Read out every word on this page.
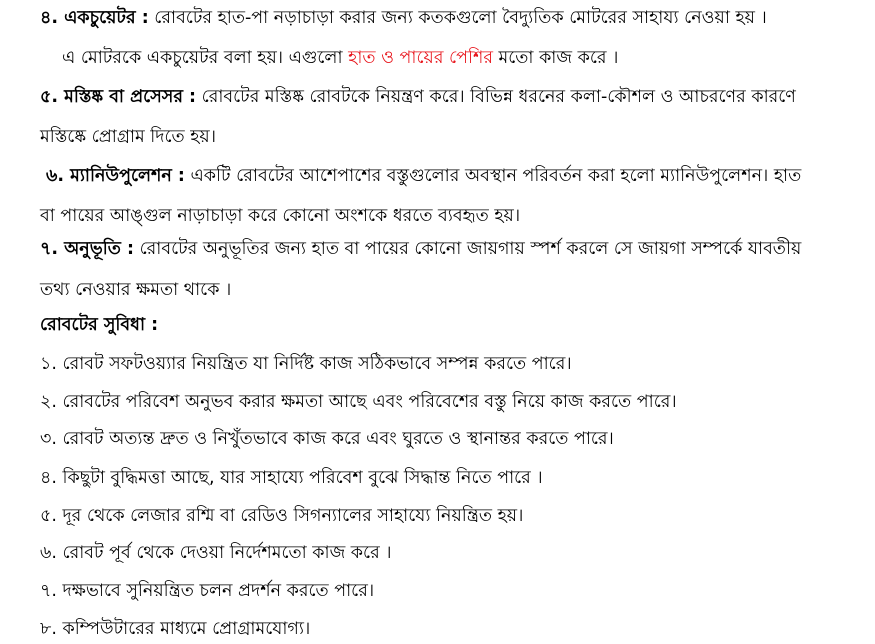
৪. একচুয়েটর : রোবটের হাত-পা নড়াচাড়া করার জন্য কতকগুলো বৈদ্যুতিক মোটরের সাহায্য নেওয়া হয় ।
এ মোটরকে একচুয়েটর বলা হয়। এগুলো হাত ও পায়ের পেশির মতো কাজ করে ।
৫. মস্তিষ্ক বা প্রসেসর : রোবটের মস্তিষ্ক রোবটকে নিয়ন্ত্রণ করে। বিভিন্ন ধরনের কলা-কৌশল ও আচরণের কারণে
মস্তিষ্কে প্রোগ্রাম দিতে হয়।
৬. ম্যানিউপুলেশন : একটি রোবটের আশেপাশের বস্তুগুলোর অবস্থান পরিবর্তন করা হলো ম্যানিউপুলেশন। হাত
বা পায়ের আঙ্গুল নাড়াচাড়া করে কোনো অংশকে ধরতে ব্যবহৃত হয়।
৭. অনুভূতি : রোবটের অনুভূতির জন্য হাত বা পায়ের কোনো জায়গায় স্পর্শ করলে সে জায়গা সম্পর্কে যাবতীয়
তথ্য নেওয়ার ক্ষমতা থাকে ।
রোবটের সুবিধা :
১. রোবট সফটওয়্যার নিয়ন্ত্রিত যা নির্দিষ্ট কাজ সঠিকভাবে সম্পন্ন করতে পারে।
২. রোবটের পরিবেশ অনুভব করার ক্ষমতা আছে এবং পরিবেশের বস্তু নিয়ে কাজ করতে পারে।
৩. রোবট অত্যন্ত দ্রুত ও নিখুঁতভাবে কাজ করে এবং ঘুরতে ও স্থানান্তর করতে পারে।
৪. কিছুটা বুদ্ধিমত্তা আছে, যার সাহায্যে পরিবেশ বুঝে সিদ্ধান্ত নিতে পারে ।
৫. দূর থেকে লেজার রশ্মি বা রেডিও সিগন্যালের সাহায্যে নিয়ন্ত্রিত হয়।
৬. রোবট পূর্ব থেকে দেওয়া নির্দেশমতো কাজ করে ।
৭. দক্ষভাবে সুনিয়ন্ত্রিত চলন প্রদর্শন করতে পারে।
৮. কম্পিউটারের মাধ্যমে প্রোগ্রামযোগ্য।
